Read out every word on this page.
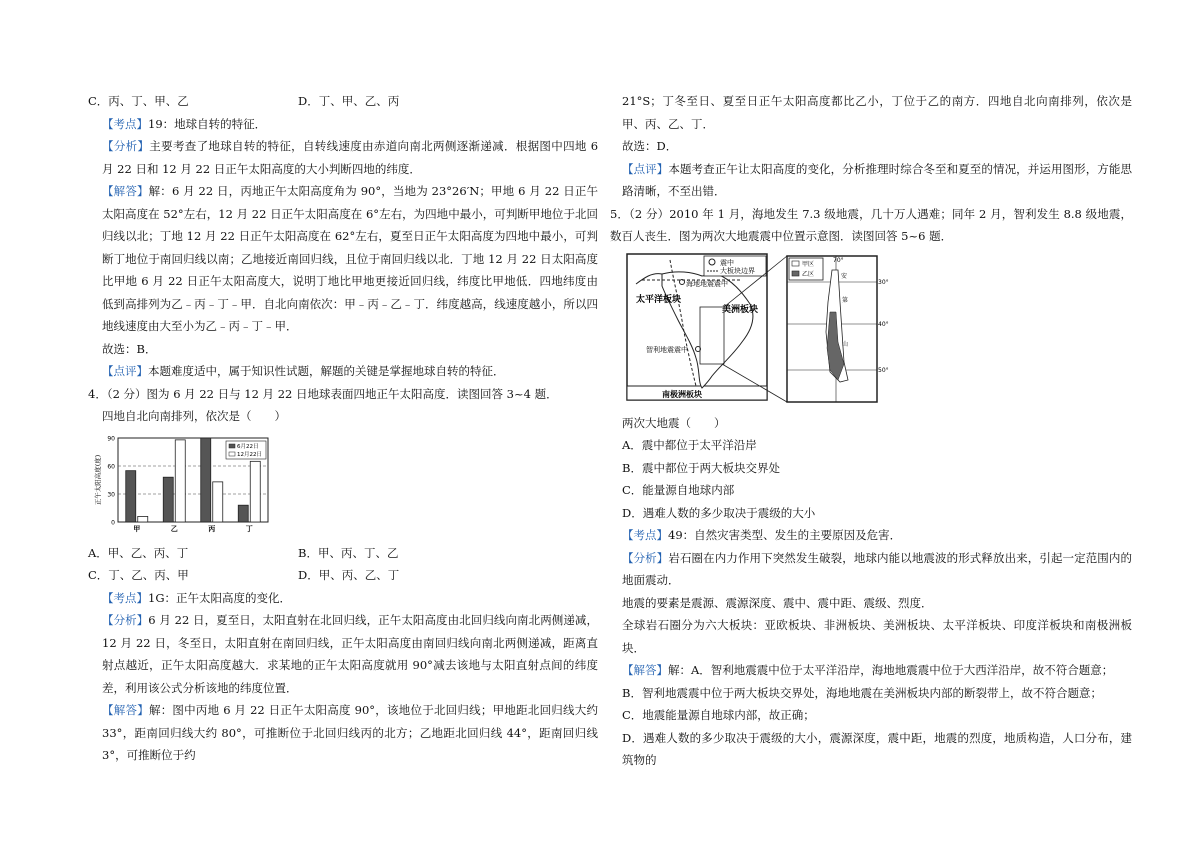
C．丙、丁、甲、乙	D．丁、甲、乙、丙

【考点】19：地球自转的特征．

【分析】主要考查了地球自转的特征，自转线速度由赤道向南北两侧逐渐递减．根据图中四地 6 月 22 日和 12 月 22 日正午太阳高度的大小判断四地的纬度．

【解答】解：6 月 22 日，丙地正午太阳高度角为 90°，当地为 23°26′N；甲地 6 月 22 日正午太阳高度在 52°左右，12 月 22 日正午太阳高度在 6°左右，为四地中最小，可判断甲地位于北回归线以北；丁地 12 月 22 日正午太阳高度在 62°左右，夏至日正午太阳高度为四地中最小，可判断丁地位于南回归线以南；乙地接近南回归线，且位于南回归线以北．丁地 12 月 22 日太阳高度比甲地 6 月 22 日正午太阳高度大，说明丁地比甲地更接近回归线，纬度比甲地低．四地纬度由低到高排列为乙﹣丙﹣丁﹣甲．自北向南依次：甲﹣丙﹣乙﹣丁．纬度越高，线速度越小，所以四地线速度由大至小为乙﹣丙﹣丁﹣甲．

故选：B．

【点评】本题难度适中，属于知识性试题，解题的关键是掌握地球自转的特征．

4．（2 分）图为 6 月 22 日与 12 月 22 日地球表面四地正午太阳高度．读图回答 3~4 题．

四地自北向南排列，依次是（　　）

0
30
60
90
正午太阳高度(度)
甲	乙	丙	丁
6月22日
12月22日
A．甲、乙、丙、丁	B．甲、丙、丁、乙
C．丁、乙、丙、甲	D．甲、丙、乙、丁

【考点】1G：正午太阳高度的变化．

【分析】6 月 22 日，夏至日，太阳直射在北回归线，正午太阳高度由北回归线向南北两侧递减，12 月 22 日，冬至日，太阳直射在南回归线，正午太阳高度由南回归线向南北两侧递减，距离直射点越近，正午太阳高度越大．求某地的正午太阳高度就用 90°减去该地与太阳直射点间的纬度差，利用该公式分析该地的纬度位置．

【解答】解：图中丙地 6 月 22 日正午太阳高度 90°，该地位于北回归线；甲地距北回归线大约 33°，距南回归线大约 80°，可推断位于北回归线丙的北方；乙地距北回归线 44°，距南回归线 3°，可推断位于约

21°S；丁冬至日、夏至日正午太阳高度都比乙小，丁位于乙的南方．四地自北向南排列，依次是甲、丙、乙、丁．

故选：D．

【点评】本题考查正午让太阳高度的变化，分析推理时综合冬至和夏至的情况，并运用图形，方能思路清晰，不至出错．

5．（2 分）2010 年 1 月，海地发生 7.3 级地震，几十万人遇难；同年 2 月，智利发生 8.8 级地震，数百人丧生．图为两次大地震震中位置示意图．读图回答 5~6 题．

南极洲板块
震中
大板块边界
海地地震震中
太平洋板块
美洲板块
智利地震震中
70°
30°
40°
50°
甲区
乙区	安
第
山

两次大地震（　　）

A．震中都位于太平洋沿岸

B．震中都位于两大板块交界处

C．能量源自地球内部

D．遇难人数的多少取决于震级的大小

【考点】49：自然灾害类型、发生的主要原因及危害．

【分析】岩石圈在内力作用下突然发生破裂，地球内能以地震波的形式释放出来，引起一定范围内的地面震动．

地震的要素是震源、震源深度、震中、震中距、震级、烈度．

全球岩石圈分为六大板块：亚欧板块、非洲板块、美洲板块、太平洋板块、印度洋板块和南极洲板块．

【解答】解：A．智利地震震中位于太平洋沿岸，海地地震震中位于大西洋沿岸，故不符合题意；

B．智利地震震中位于两大板块交界处，海地地震在美洲板块内部的断裂带上，故不符合题意；

C．地震能量源自地球内部，故正确；

D．遇难人数的多少取决于震级的大小，震源深度，震中距，地震的烈度，地质构造，人口分布，建筑物的
